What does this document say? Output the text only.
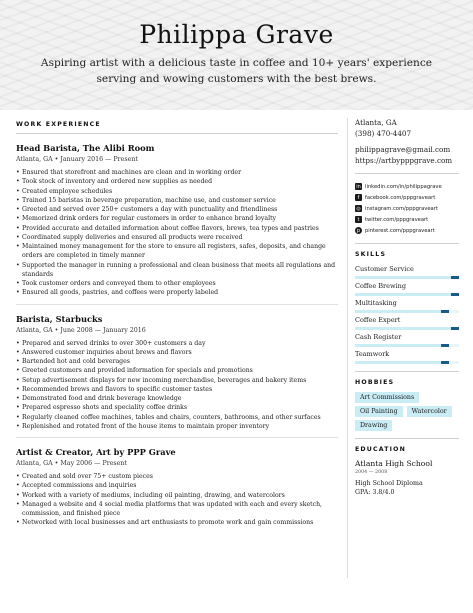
Philippa Grave
Aspiring artist with a delicious taste in coffee and 10+ years' experience serving and wowing customers with the best brews.
WORK EXPERIENCE
Head Barista, The Alibi Room
Atlanta, GA • January 2016 — Present
• Ensured that storefront and machines are clean and in working order
• Took stock of inventory and ordered new supplies as needed
• Created employee schedules
• Trained 15 baristas in beverage preparation, machine use, and customer service
• Greeted and served over 250+ customers a day with punctuality and friendliness
• Memorized drink orders for regular customers in order to enhance brand loyalty
• Provided accurate and detailed information about coffee flavors, brews, tea types and pastries
• Coordinated supply deliveries and ensured all products were received
• Maintained money management for the store to ensure all registers, safes, deposits, and change orders are completed in timely manner
• Supported the manager in running a professional and clean business that meets all regulations and standards
• Took customer orders and conveyed them to other employees
• Ensured all goods, pastries, and coffees were properly labeled
Barista, Starbucks
Atlanta, GA • June 2008 — January 2016
• Prepared and served drinks to over 300+ customers a day
• Answered customer inquiries about brews and flavors
• Bartended hot and cold beverages
• Greeted customers and provided information for specials and promotions
• Setup advertisement displays for new incoming merchandise, beverages and bakery items
• Recommended brews and flavors to specific customer tastes
• Demonstrated food and drink beverage knowledge
• Prepared espresso shots and speciality coffee drinks
• Regularly cleaned coffee machines, tables and chairs, counters, bathrooms, and other surfaces
• Replenished and rotated front of the house items to maintain proper inventory
Artist & Creator, Art by PPP Grave
Atlanta, GA • May 2006 — Present
• Created and sold over 75+ custom pieces
• Accepted commissions and inquiries
• Worked with a variety of mediums, including oil painting, drawing, and watercolors
• Managed a website and 4 social media platforms that was updated with each and every sketch, commission, and finished piece
• Networked with local businesses and art enthusiasts to promote work and gain commissions
Atlanta, GA
(398) 470-4407
philippagrave@gmail.com
https://artbypppgrave.com
in linkedin.com/in/philippagrave
f	facebook.com/pppgraveart
◎ instagram.com/pppgraveart
t	twitter.com/pppgraveart
p pinterest.com/pppgraveart
SKILLS
Customer Service
Coffee Brewing
Multitasking
Coffee Expert
Cash Register
Teamwork
HOBBIES
Art Commissions
Oil Painting	Watercolor
Drawing
EDUCATION
Atlanta High School
2004 — 2008
High School Diploma
GPA: 3.8/4.0
